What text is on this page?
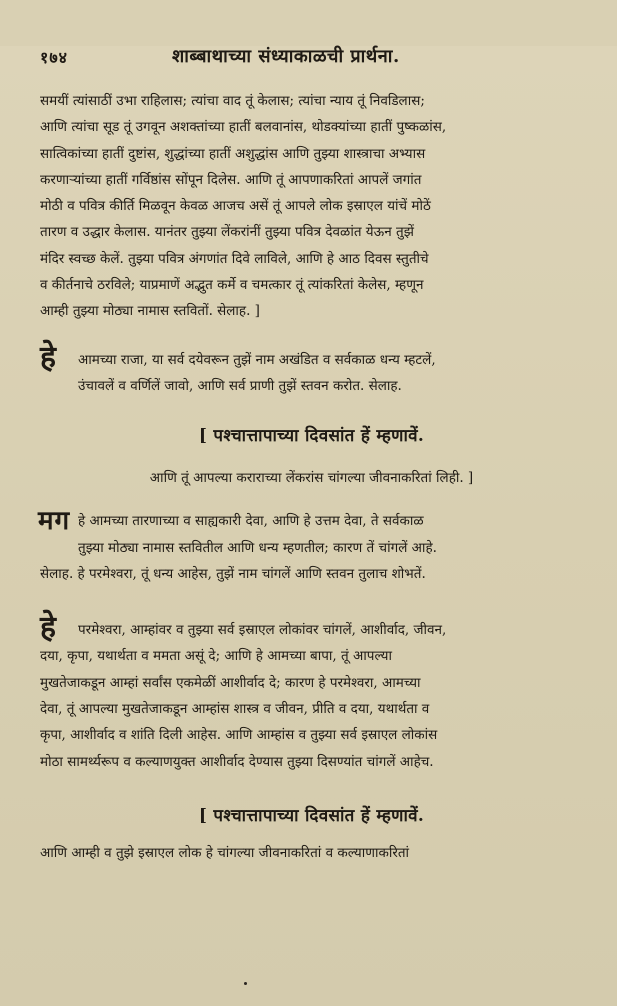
१७४	शाब्बाथाच्या संध्याकाळची प्रार्थना.
समयीं त्यांसाठीं उभा राहिलास; त्यांचा वाद तूं केलास; त्यांचा न्याय तूं निवडिलास;
आणि त्यांचा सूड तूं उगवून अशक्तांच्या हातीं बलवानांस, थोडक्यांच्या हातीं पुष्कळांस,
सात्विकांच्या हातीं दुष्टांस, शुद्धांच्या हातीं अशुद्धांस आणि तुझ्या शास्त्राचा अभ्यास
करणाऱ्यांच्या हातीं गर्विष्ठांस सोंपून दिलेस. आणि तूं आपणाकरितां आपलें जगांत
मोठी व पवित्र कीर्ति मिळवून केवळ आजच असें तूं आपले लोक इस्राएल यांचें मोठें
तारण व उद्धार केलास. यानंतर तुझ्या लेंकरांनीं तुझ्या पवित्र देवळांत येऊन तुझें
मंदिर स्वच्छ केलें. तुझ्या पवित्र अंगणांत दिवे लाविले, आणि हे आठ दिवस स्तुतीचे
व कीर्तनाचे ठरविले; याप्रमाणें अद्भुत कर्मे व चमत्कार तूं त्यांकरितां केलेस, म्हणून
आम्ही तुझ्या मोठ्या नामास स्तवितों. सेलाह. ]
हे आमच्या राजा, या सर्व दयेवरून तुझें नाम अखंडित व सर्वकाळ धन्य म्हटलें,
उंचावलें व वर्णिलें जावो, आणि सर्व प्राणी तुझें स्तवन करोत. सेलाह.

[ पश्चात्तापाच्या दिवसांत हें म्हणावें.

आणि तूं आपल्या कराराच्या लेंकरांस चांगल्या जीवनाकरितां लिही. ]

मग हे आमच्या तारणाच्या व साह्यकारी देवा, आणि हे उत्तम देवा, ते सर्वकाळ
तुझ्या मोठ्या नामास स्तवितील आणि धन्य म्हणतील; कारण तें चांगलें आहे.
सेलाह. हे परमेश्वरा, तूं धन्य आहेस, तुझें नाम चांगलें आणि स्तवन तुलाच शोभतें.
हे परमेश्वरा, आम्हांवर व तुझ्या सर्व इस्राएल लोकांवर चांगलें, आशीर्वाद, जीवन,
दया, कृपा, यथार्थता व ममता असूं दे; आणि हे आमच्या बापा, तूं आपल्या
मुखतेजाकडून आम्हां सर्वांस एकमेळीं आशीर्वाद दे; कारण हे परमेश्वरा, आमच्या
देवा, तूं आपल्या मुखतेजाकडून आम्हांस शास्त्र व जीवन, प्रीति व दया, यथार्थता व
कृपा, आशीर्वाद व शांति दिली आहेस. आणि आम्हांस व तुझ्या सर्व इस्राएल लोकांस
मोठा सामर्थ्यरूप व कल्याणयुक्त आशीर्वाद देण्यास तुझ्या दिसण्यांत चांगलें आहेच.

[ पश्चात्तापाच्या दिवसांत हें म्हणावें.

आणि आम्ही व तुझे इस्राएल लोक हे चांगल्या जीवनाकरितां व कल्याणाकरितां
